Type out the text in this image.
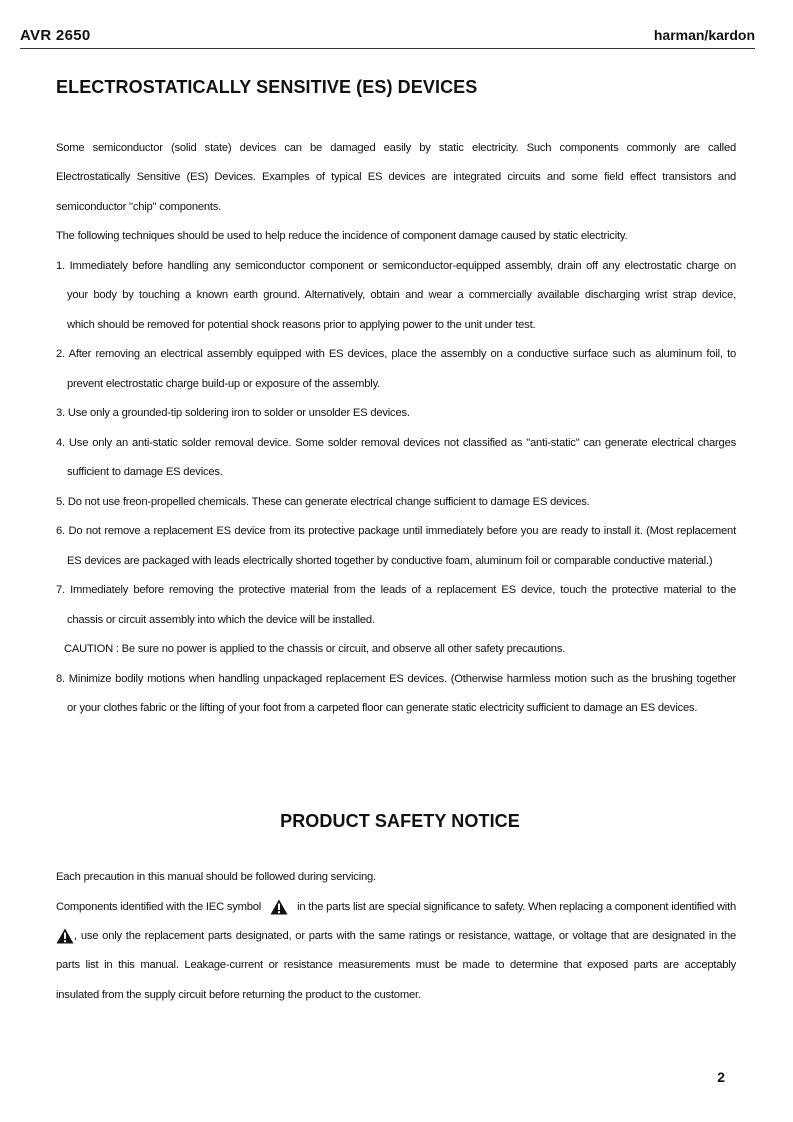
AVR 2650	harman/kardon
ELECTROSTATICALLY SENSITIVE (ES) DEVICES
Some semiconductor (solid state) devices can be damaged easily by static electricity. Such components commonly are called
Electrostatically Sensitive (ES) Devices. Examples of typical ES devices are integrated circuits and some field effect transistors and
semiconductor "chip" components.
The following techniques should be used to help reduce the incidence of component damage caused by static electricity.
1. Immediately before handling any semiconductor component or semiconductor-equipped assembly, drain off any electrostatic charge on
your body by touching a known earth ground. Alternatively, obtain and wear a commercially available discharging wrist strap device,
which should be removed for potential shock reasons prior to applying power to the unit under test.
2. After removing an electrical assembly equipped with ES devices, place the assembly on a conductive surface such as aluminum foil, to
prevent electrostatic charge build-up or exposure of the assembly.
3. Use only a grounded-tip soldering iron to solder or unsolder ES devices.
4. Use only an anti-static solder removal device. Some solder removal devices not classified as "anti-static" can generate electrical charges
sufficient to damage ES devices.
5. Do not use freon-propelled chemicals. These can generate electrical change sufficient to damage ES devices.
6. Do not remove a replacement ES device from its protective package until immediately before you are ready to install it. (Most replacement
ES devices are packaged with leads electrically shorted together by conductive foam, aluminum foil or comparable conductive material.)
7. Immediately before removing the protective material from the leads of a replacement ES device, touch the protective material to the
chassis or circuit assembly into which the device will be installed.
CAUTION : Be sure no power is applied to the chassis or circuit, and observe all other safety precautions.
8. Minimize bodily motions when handling unpackaged replacement ES devices. (Otherwise harmless motion such as the brushing together
or your clothes fabric or the lifting of your foot from a carpeted floor can generate static electricity sufficient to damage an ES devices.
PRODUCT SAFETY NOTICE
Each precaution in this manual should be followed during servicing.
Components identified with the IEC symbol	in the parts list are special significance to safety. When replacing a component identified with
, use only the replacement parts designated, or parts with the same ratings or resistance, wattage, or voltage that are designated in the
parts list in this manual. Leakage-current or resistance measurements must be made to determine that exposed parts are acceptably
insulated from the supply circuit before returning the product to the customer.
2
